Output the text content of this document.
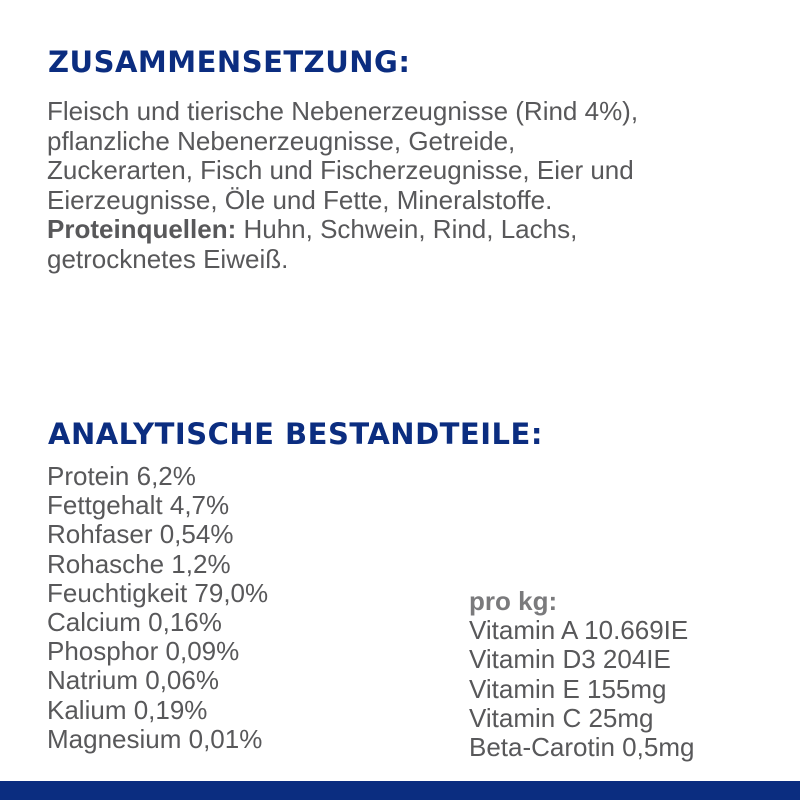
ZUSAMMENSETZUNG:

Fleisch und tierische Nebenerzeugnisse (Rind 4%),

pflanzliche Nebenerzeugnisse, Getreide,

Zuckerarten, Fisch und Fischerzeugnisse, Eier und

Eierzeugnisse, Öle und Fette, Mineralstoffe.

Proteinquellen: Huhn, Schwein, Rind, Lachs,

getrocknetes Eiweiß.

ANALYTISCHE BESTANDTEILE:
Protein 6,2%
Fettgehalt 4,7%
Rohfaser 0,54%
Rohasche 1,2%
Feuchtigkeit 79,0%
Calcium 0,16%
Phosphor 0,09%
Natrium 0,06%
Kalium 0,19%
Magnesium 0,01%
pro kg:
Vitamin A 10.669IE
Vitamin D3 204IE
Vitamin E 155mg
Vitamin C 25mg
Beta-Carotin 0,5mg
